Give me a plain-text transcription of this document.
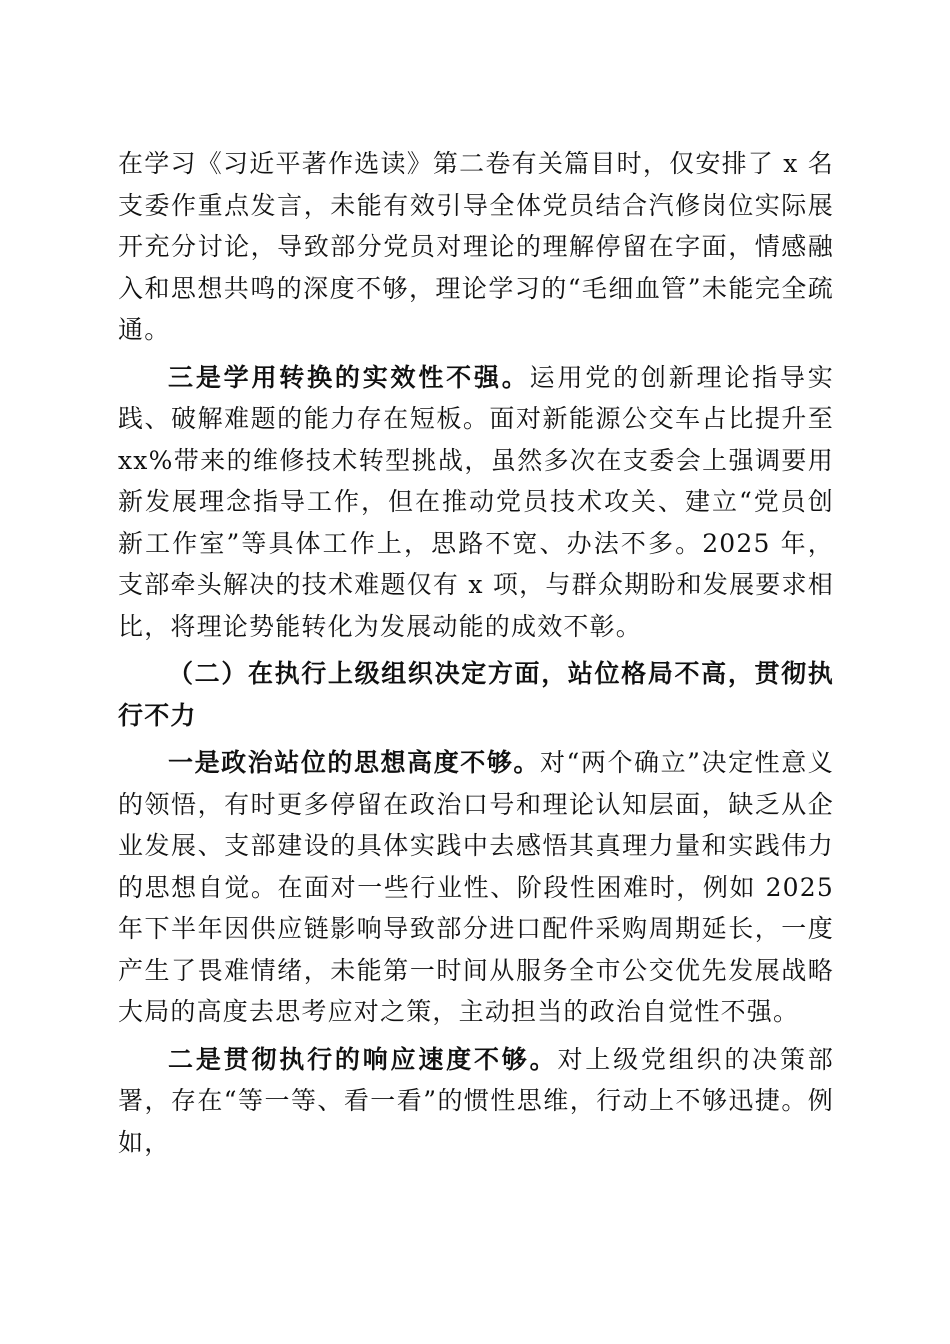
在学习《习近平著作选读》第二卷有关篇目时，仅安排了 x 名支委作重点发言，未能有效引导全体党员结合汽修岗位实际展开充分讨论，导致部分党员对理论的理解停留在字面，情感融入和思想共鸣的深度不够，理论学习的“毛细血管”未能完全疏通。

三是学用转换的实效性不强。运用党的创新理论指导实践、破解难题的能力存在短板。面对新能源公交车占比提升至 xx%带来的维修技术转型挑战，虽然多次在支委会上强调要用新发展理念指导工作，但在推动党员技术攻关、建立“党员创新工作室”等具体工作上，思路不宽、办法不多。2025 年，支部牵头解决的技术难题仅有 x 项，与群众期盼和发展要求相比，将理论势能转化为发展动能的成效不彰。

（二）在执行上级组织决定方面，站位格局不高，贯彻执行不力

一是政治站位的思想高度不够。对“两个确立”决定性意义的领悟，有时更多停留在政治口号和理论认知层面，缺乏从企业发展、支部建设的具体实践中去感悟其真理力量和实践伟力的思想自觉。在面对一些行业性、阶段性困难时，例如 2025 年下半年因供应链影响导致部分进口配件采购周期延长，一度产生了畏难情绪，未能第一时间从服务全市公交优先发展战略大局的高度去思考应对之策，主动担当的政治自觉性不强。

二是贯彻执行的响应速度不够。对上级党组织的决策部署，存在“等一等、看一看”的惯性思维，行动上不够迅捷。例如，
